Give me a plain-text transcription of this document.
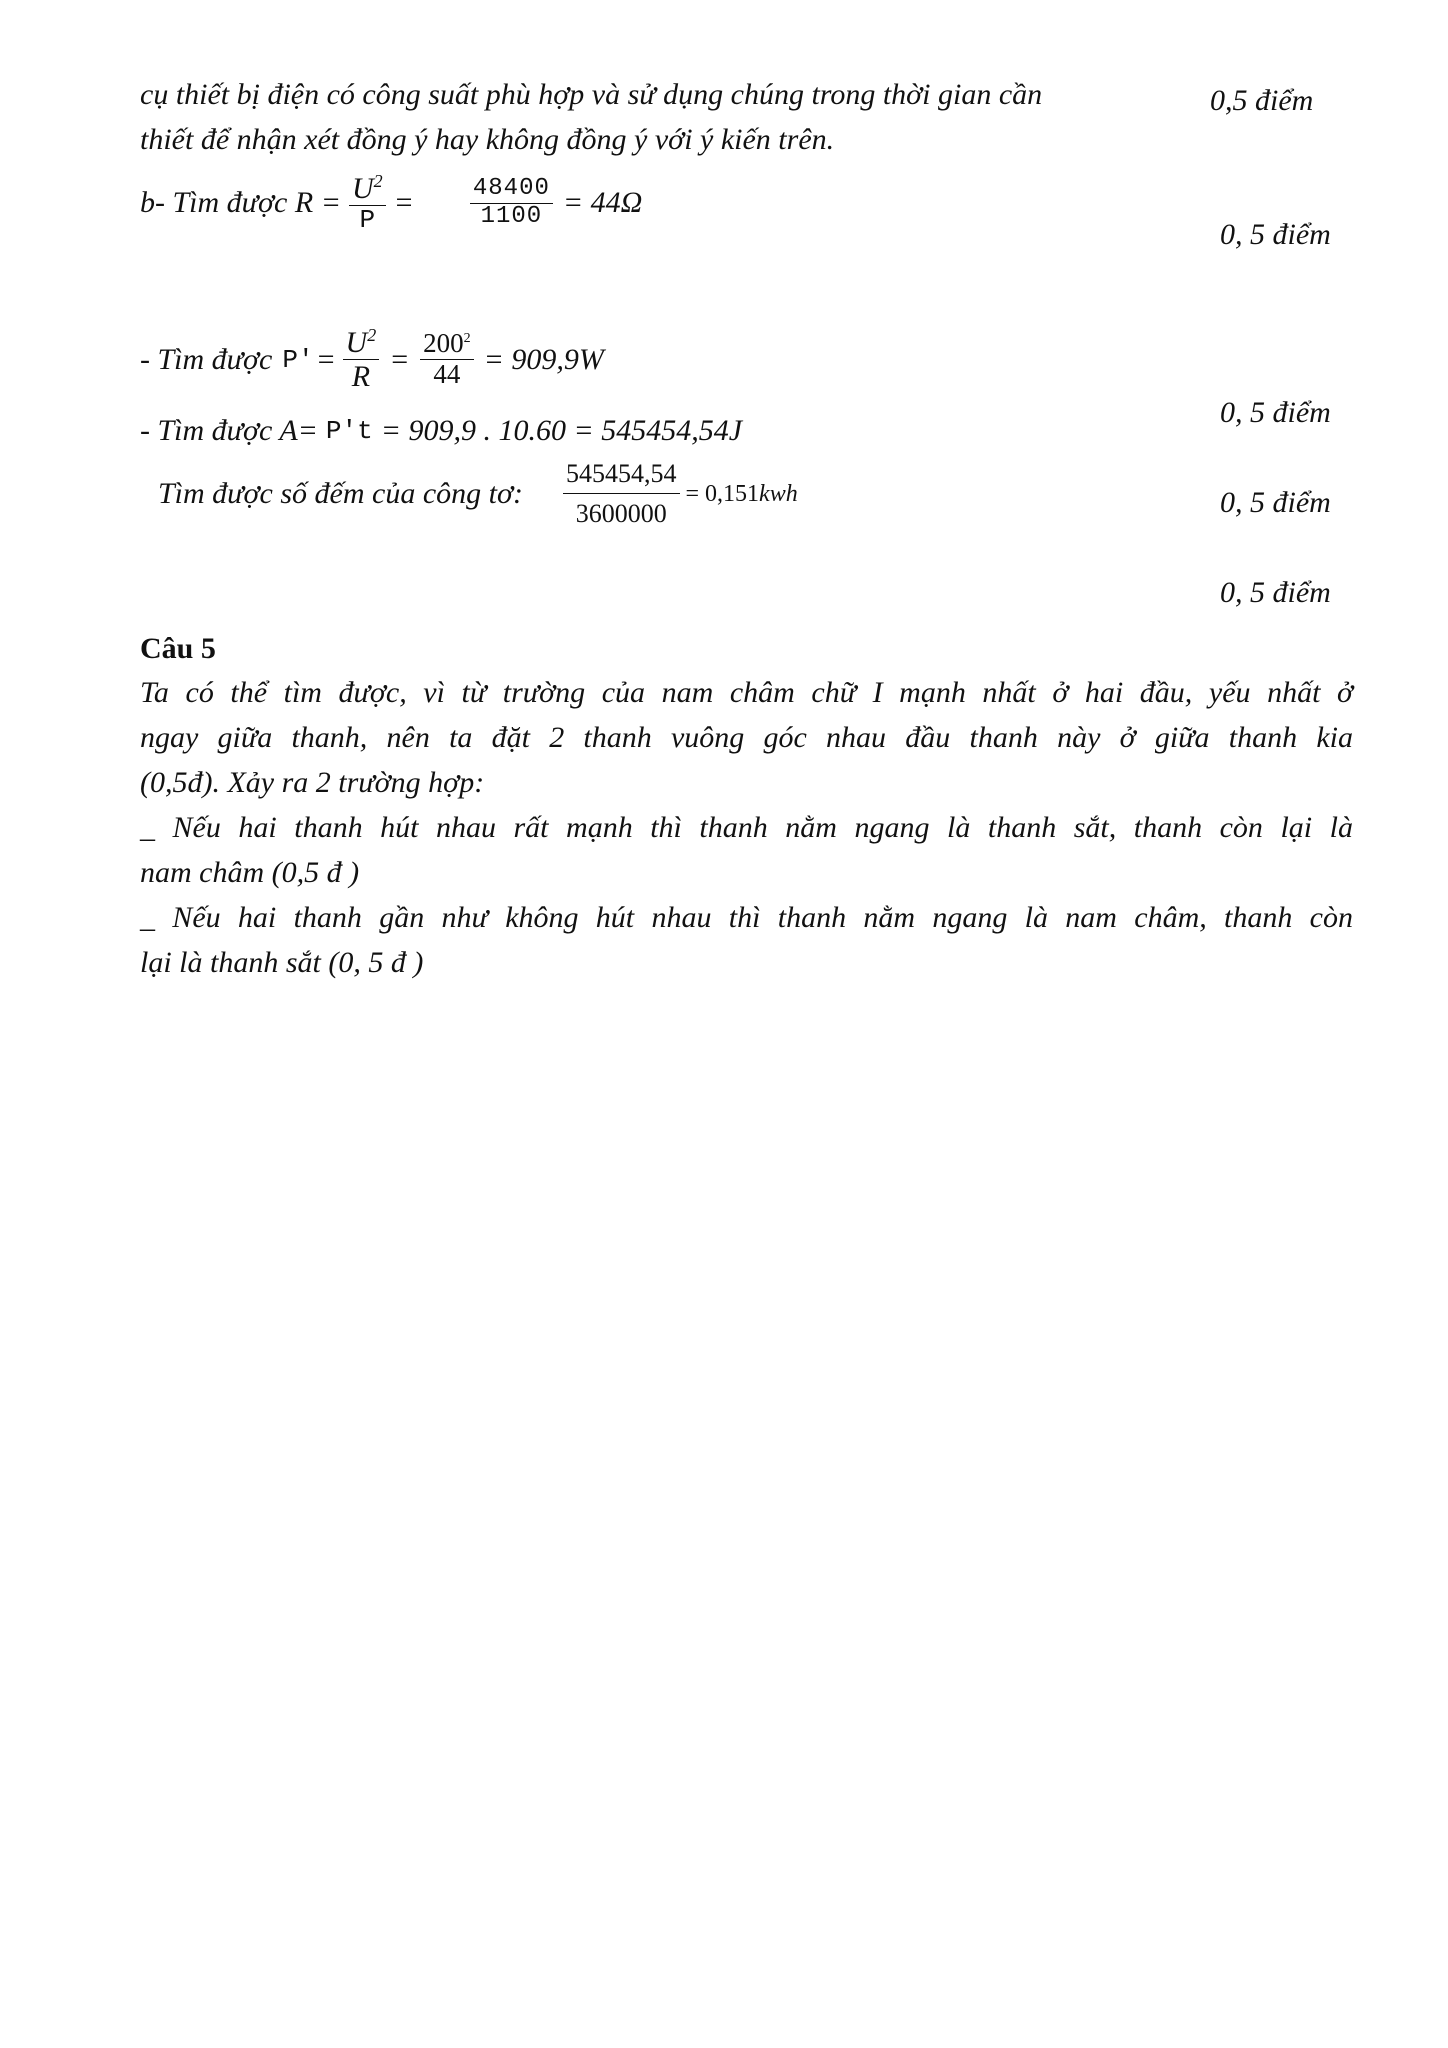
cụ thiết bị điện có công suất phù hợp và sử dụng chúng trong thời gian cần
thiết để nhận xét đồng ý hay không đồng ý với ý kiến trên.
0,5 điểm
b- Tìm được $R = \frac{U^2}{P} = \frac{48400}{1100} = 44\Omega$
0, 5 điểm
- Tìm được $P' = \frac{U^2}{R} = \frac{200^2}{44} = 909,9W$
- Tìm được A= P't = 909,9 . 10.60 = 545454,54J
0, 5 điểm
Tìm được số đếm của công tơ: $\frac{545454,54}{3600000} = 0,151$ kwh	0, 5 điểm
0, 5 điểm
Câu 5
Ta có thể tìm được, vì từ trường của nam châm chữ I mạnh nhất ở hai đầu, yếu nhất ở
ngay giữa thanh, nên ta đặt 2 thanh vuông góc nhau đầu thanh này ở giữa thanh kia
(0,5đ). Xảy ra 2 trường hợp:
_ Nếu hai thanh hút nhau rất mạnh thì thanh nằm ngang là thanh sắt, thanh còn lại là
nam châm (0,5 đ )
_ Nếu hai thanh gần như không hút nhau thì thanh nằm ngang là nam châm, thanh còn
lại là thanh sắt (0, 5 đ )
